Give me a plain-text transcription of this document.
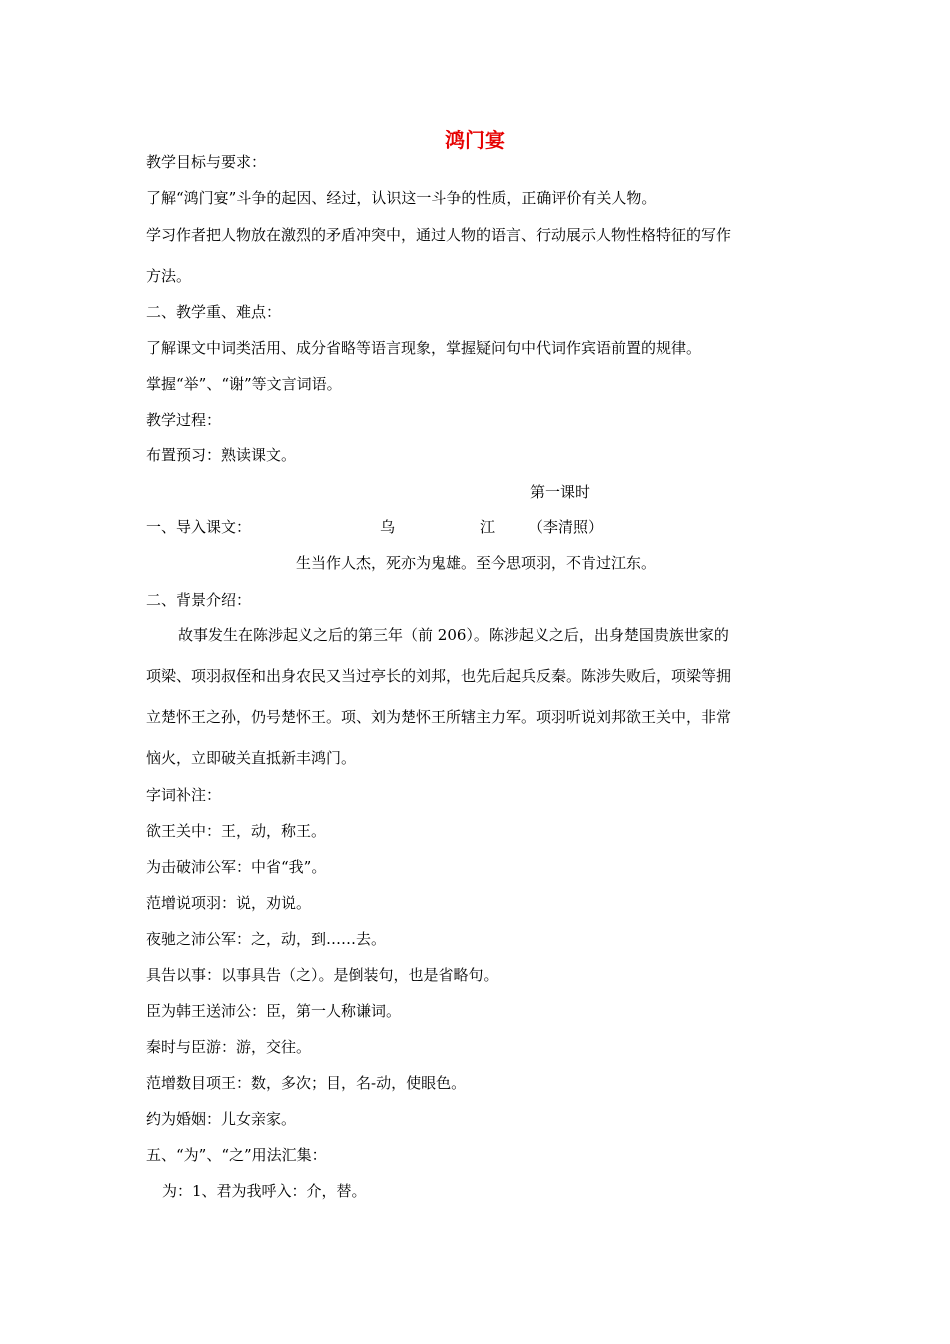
鸿门宴
教学目标与要求：
了解“鸿门宴”斗争的起因、经过，认识这一斗争的性质，正确评价有关人物。
学习作者把人物放在激烈的矛盾冲突中，通过人物的语言、行动展示人物性格特征的写作
方法。
二、教学重、难点：
了解课文中词类活用、成分省略等语言现象，掌握疑问句中代词作宾语前置的规律。
掌握“举”、“谢”等文言词语。
教学过程：
布置预习：熟读课文。
第一课时
一、导入课文：	乌	江 （李清照）
生当作人杰，死亦为鬼雄。至今思项羽，不肯过江东。
二、背景介绍：
故事发生在陈涉起义之后的第三年（前 206）。陈涉起义之后，出身楚国贵族世家的
项梁、项羽叔侄和出身农民又当过亭长的刘邦，也先后起兵反秦。陈涉失败后，项梁等拥
立楚怀王之孙，仍号楚怀王。项、刘为楚怀王所辖主力军。项羽听说刘邦欲王关中，非常
恼火，立即破关直抵新丰鸿门。
字词补注：
欲王关中：王，动，称王。
为击破沛公军：中省“我”。
范增说项羽：说，劝说。
夜驰之沛公军：之，动，到……去。
具告以事：以事具告（之）。是倒装句，也是省略句。
臣为韩王送沛公：臣，第一人称谦词。
秦时与臣游：游，交往。
范增数目项王：数，多次；目，名-动，使眼色。
约为婚姻：儿女亲家。
五、“为”、“之”用法汇集：
为：1、君为我呼入：介，替。
